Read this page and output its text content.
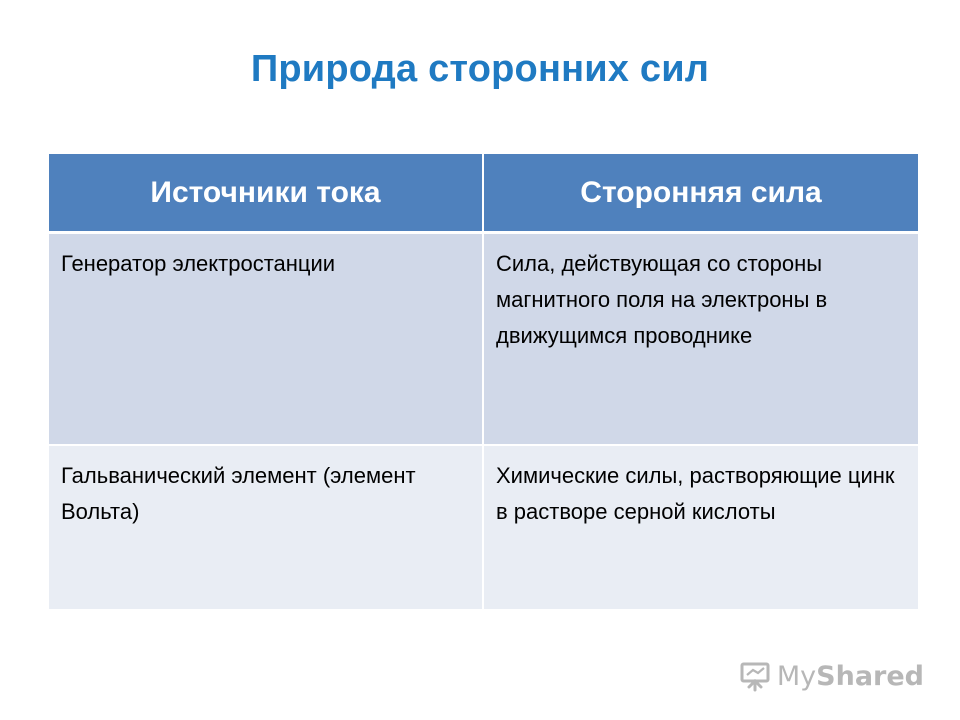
Природа сторонних сил
Источники тока	Сторонняя сила

Генератор электростанции	Сила, действующая со стороны магнитного поля на электроны в движущимся проводнике

Гальванический элемент (элемент Вольта)	Химические силы, растворяющие цинк в растворе серной кислоты
My Shared
